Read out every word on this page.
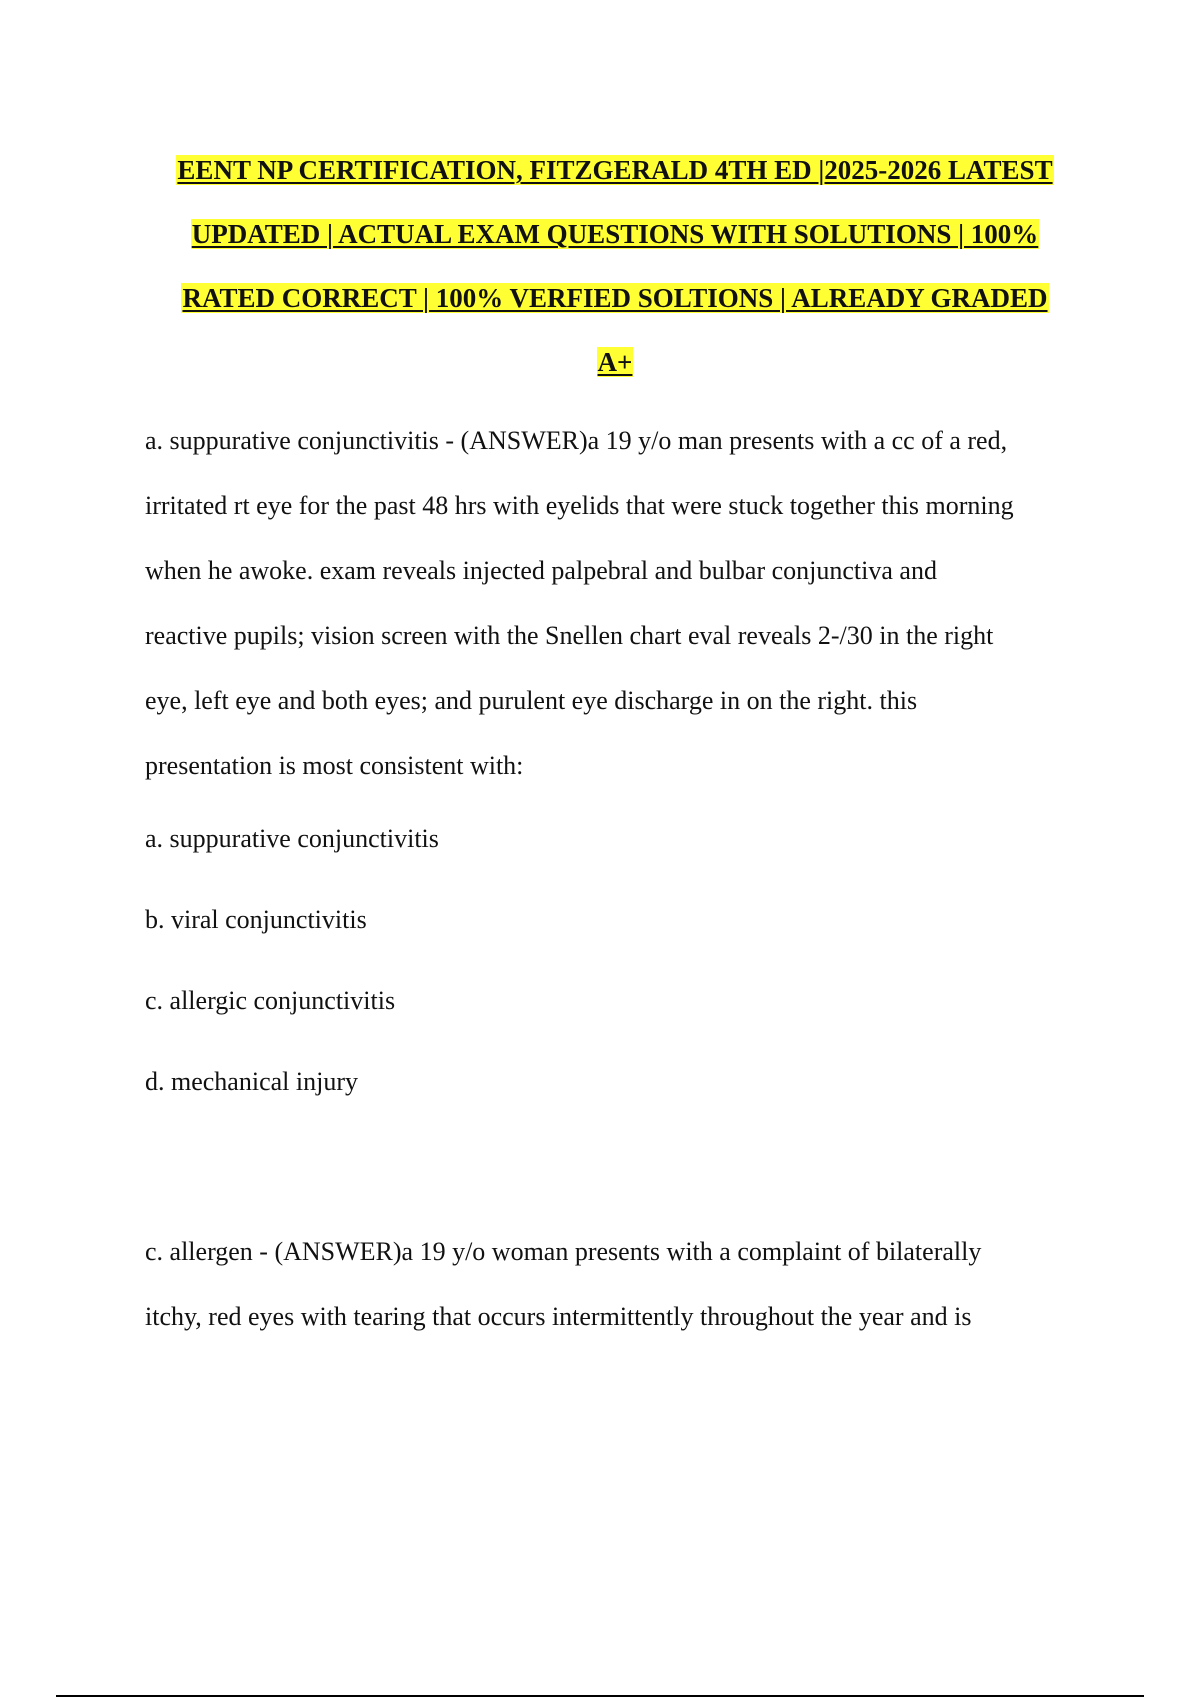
EENT NP CERTIFICATION, FITZGERALD 4TH ED |2025-2026 LATEST
UPDATED | ACTUAL EXAM QUESTIONS WITH SOLUTIONS | 100%
RATED CORRECT | 100% VERFIED SOLTIONS | ALREADY GRADED
A+
a. suppurative conjunctivitis - (ANSWER)a 19 y/o man presents with a cc of a red,
irritated rt eye for the past 48 hrs with eyelids that were stuck together this morning
when he awoke. exam reveals injected palpebral and bulbar conjunctiva and
reactive pupils; vision screen with the Snellen chart eval reveals 2-/30 in the right
eye, left eye and both eyes; and purulent eye discharge in on the right. this
presentation is most consistent with:
a. suppurative conjunctivitis
b. viral conjunctivitis
c. allergic conjunctivitis
d. mechanical injury
c. allergen - (ANSWER)a 19 y/o woman presents with a complaint of bilaterally
itchy, red eyes with tearing that occurs intermittently throughout the year and is
